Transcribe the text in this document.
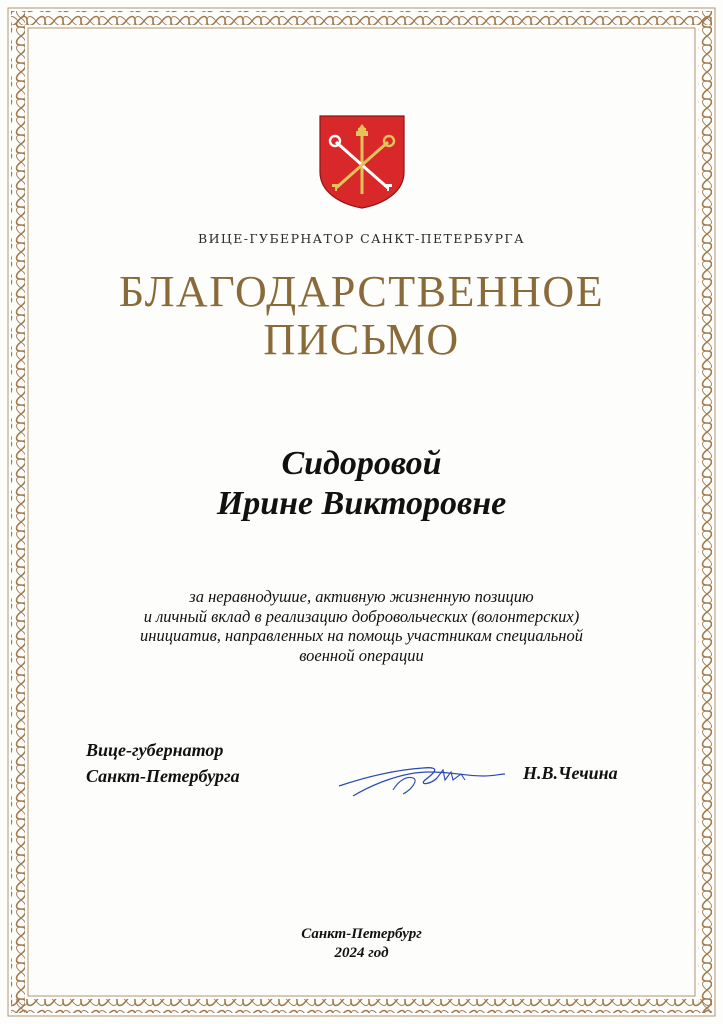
ВИЦЕ-ГУБЕРНАТОР САНКТ-ПЕТЕРБУРГА
БЛАГОДАРСТВЕННОЕ
ПИСЬМО
Сидоровой
Ирине Викторовне
за неравнодушие, активную жизненную позицию
и личный вклад в реализацию добровольческих (волонтерских)
инициатив, направленных на помощь участникам специальной
военной операции
Вице-губернатор
Санкт-Петербурга	Н.В.Чечина
Санкт-Петербург
2024 год
